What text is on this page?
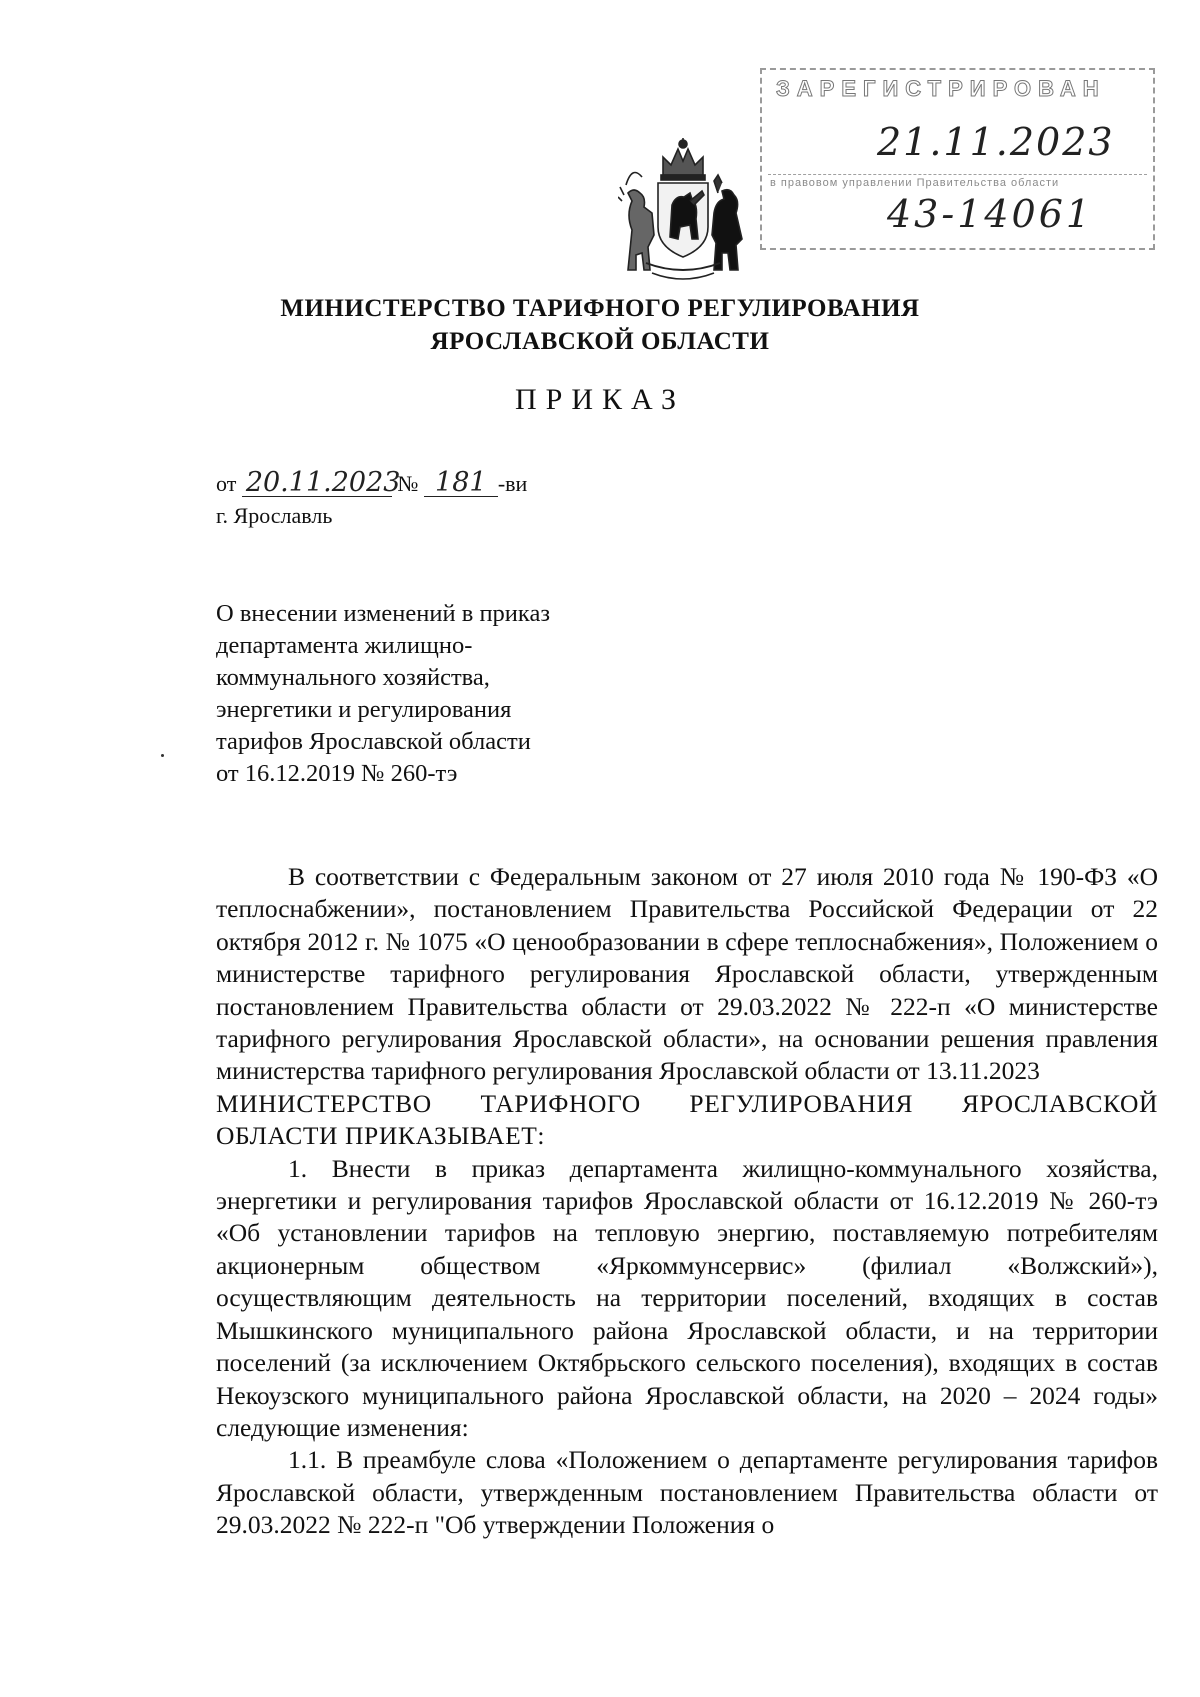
ЗАРЕГИСТРИРОВАН
21.11.2023
в правовом управлении Правительства области
43-14061
МИНИСТЕРСТВО ТАРИФНОГО РЕГУЛИРОВАНИЯ
ЯРОСЛАВСКОЙ ОБЛАСТИ
ПРИКАЗ
от 20.11.2023 № 181 -ви
г. Ярославль
О внесении изменений в приказ
департамента жилищно-
коммунального хозяйства,
энергетики и регулирования
тарифов Ярославской области
от 16.12.2019 № 260-тэ

В соответствии с Федеральным законом от 27 июля 2010 года № 190-ФЗ «О теплоснабжении», постановлением Правительства Российской Федерации от 22 октября 2012 г. № 1075 «О ценообразовании в сфере теплоснабжения», Положением о министерстве тарифного регулирования Ярославской области, утвержденным постановлением Правительства области от 29.03.2022 № 222-п «О министерстве тарифного регулирования Ярославской области», на основании решения правления министерства тарифного регулирования Ярославской области от 13.11.2023

МИНИСТЕРСТВО ТАРИФНОГО РЕГУЛИРОВАНИЯ ЯРОСЛАВСКОЙ ОБЛАСТИ ПРИКАЗЫВАЕТ:

1. Внести в приказ департамента жилищно-коммунального хозяйства, энергетики и регулирования тарифов Ярославской области от 16.12.2019 № 260-тэ «Об установлении тарифов на тепловую энергию, поставляемую потребителям акционерным обществом «Яркоммунсервис» (филиал «Волжский»), осуществляющим деятельность на территории поселений, входящих в состав Мышкинского муниципального района Ярославской области, и на территории поселений (за исключением Октябрьского сельского поселения), входящих в состав Некоузского муниципального района Ярославской области, на 2020 – 2024 годы» следующие изменения:

1.1. В преамбуле слова «Положением о департаменте регулирования тарифов Ярославской области, утвержденным постановлением Правительства области от 29.03.2022 № 222-п "Об утверждении Положения о
